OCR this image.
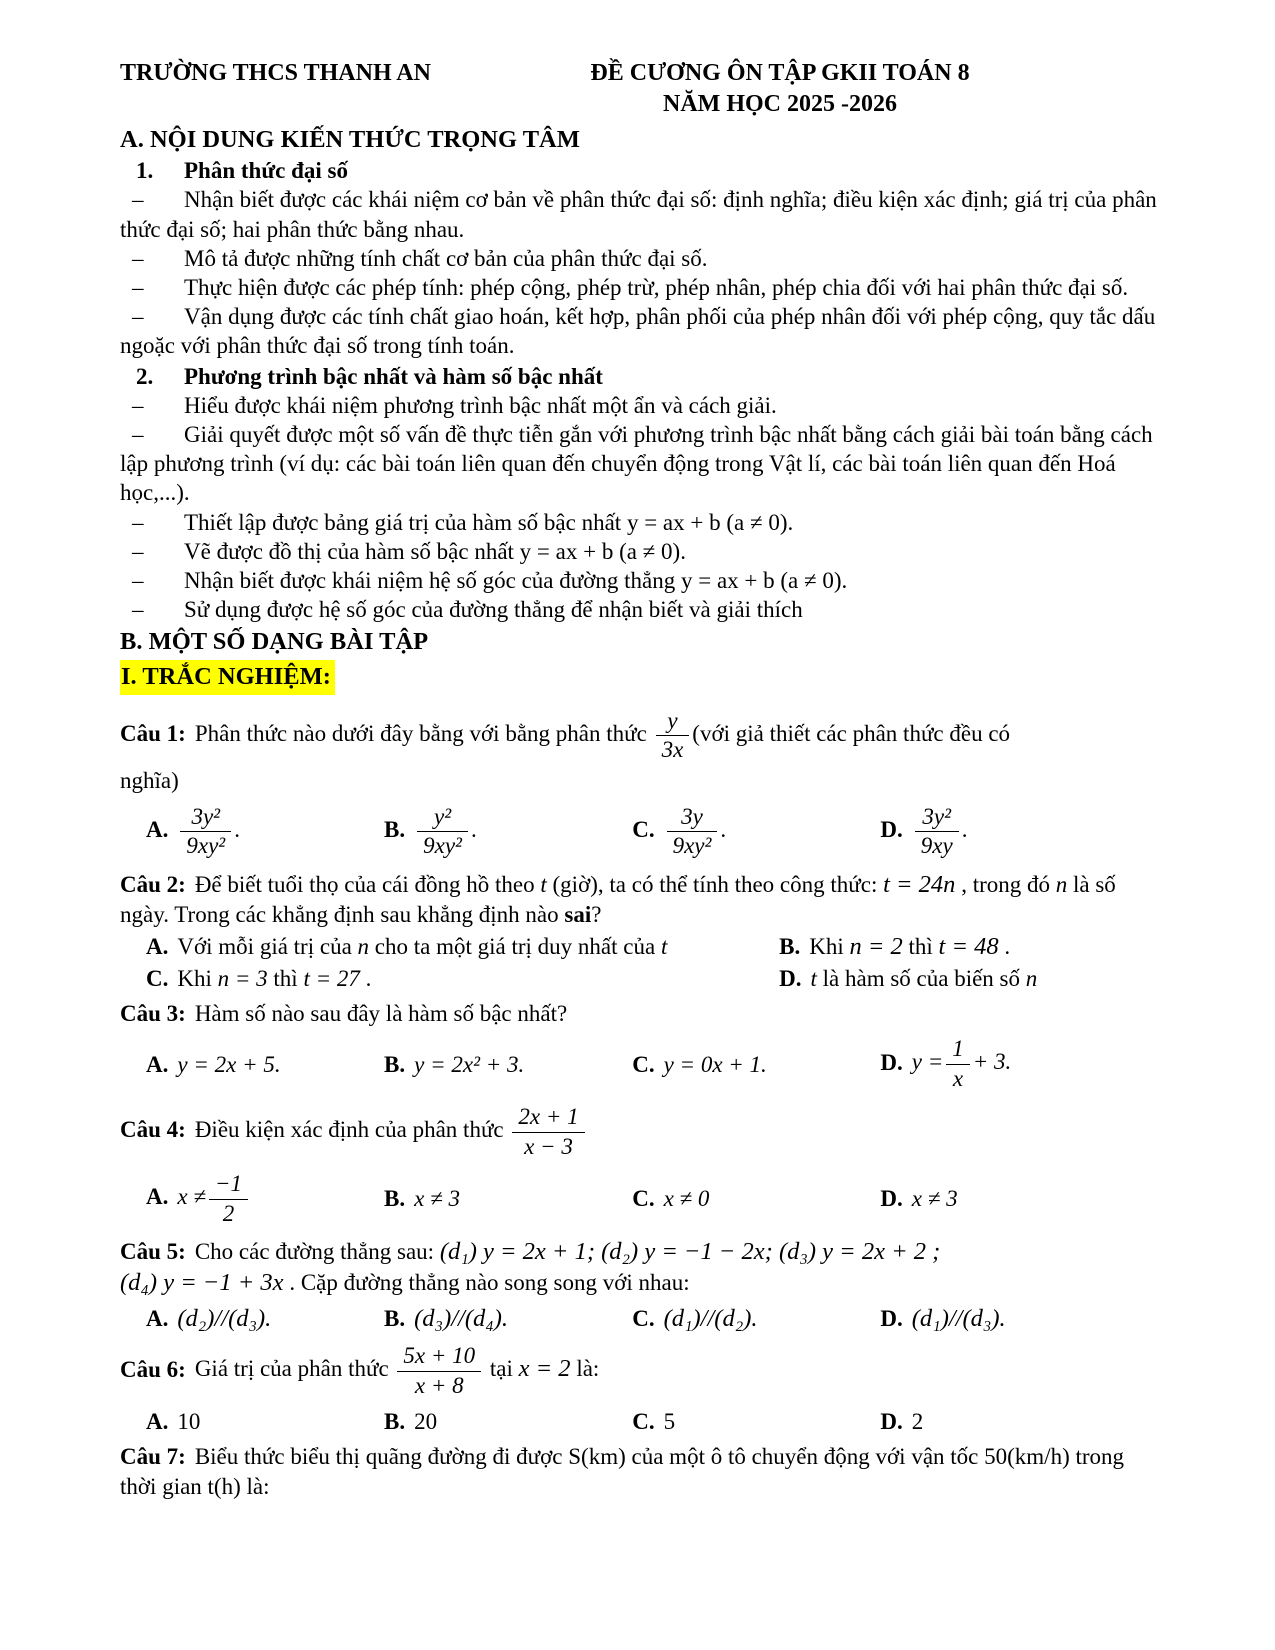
TRƯỜNG THCS THANH AN	ĐỀ CƯƠNG ÔN TẬP GKII TOÁN 8
NĂM HỌC 2025 -2026
A. NỘI DUNG KIẾN THỨC TRỌNG TÂM
1. Phân thức đại số

– Nhận biết được các khái niệm cơ bản về phân thức đại số: định nghĩa; điều kiện xác định; giá trị của phân thức đại số; hai phân thức bằng nhau.

– Mô tả được những tính chất cơ bản của phân thức đại số.

– Thực hiện được các phép tính: phép cộng, phép trừ, phép nhân, phép chia đối với hai phân thức đại số.

– Vận dụng được các tính chất giao hoán, kết hợp, phân phối của phép nhân đối với phép cộng, quy tắc dấu ngoặc với phân thức đại số trong tính toán.

2. Phương trình bậc nhất và hàm số bậc nhất

– Hiểu được khái niệm phương trình bậc nhất một ẩn và cách giải.

– Giải quyết được một số vấn đề thực tiễn gắn với phương trình bậc nhất bằng cách giải bài toán bằng cách lập phương trình (ví dụ: các bài toán liên quan đến chuyển động trong Vật lí, các bài toán liên quan đến Hoá học,...).

– Thiết lập được bảng giá trị của hàm số bậc nhất y = ax + b (a ≠ 0).

– Vẽ được đồ thị của hàm số bậc nhất y = ax + b (a ≠ 0).

– Nhận biết được khái niệm hệ số góc của đường thẳng y = ax + b (a ≠ 0).

– Sử dụng được hệ số góc của đường thẳng để nhận biết và giải thích

B. MỘT SỐ DẠNG BÀI TẬP
I. TRẮC NGHIỆM:

Câu 1: Phân thức nào dưới đây bằng với bằng phân thức $\frac{y}{3x}$ (với giả thiết các phân thức đều có

nghĩa)

A. $\frac{\text{3y²}}{\text{9xy²}}$ .	B. $\frac{\text{y²}}{\text{9xy²}}$ .	C. $\frac{3y}{\text{9xy²}}$ .	D. $\frac{\text{3y²}}{9xy}$ .

Câu 2: Để biết tuổi thọ của cái đồng hồ theo t (giờ), ta có thể tính theo công thức: t = 24n , trong đó n là số ngày. Trong các khẳng định sau khẳng định nào sai?

A. Với mỗi giá trị của n cho ta một giá trị duy nhất của t	B. Khi n = 2 thì t = 48 .
C. Khi n = 3 thì t = 27 .	D. t là hàm số của biến số n

Câu 3: Hàm số nào sau đây là hàm số bậc nhất?

A. y = 2x + 5.	B. y = 2x² + 3.	C. y = 0x + 1.	D. $y = \frac{1}{x} + 3$.

Câu 4: Điều kiện xác định của phân thức $\frac{2x + 1}{x - 3}$

A. $x \ne \frac{-1}{2}$	B. x ≠ 3	C. x ≠ 0	D. x ≠ 3

Câu 5: Cho các đường thẳng sau: (d₁) y = 2x + 1; (d₂) y = −1 − 2x; (d₃) y = 2x + 2 ;

(d₄) y = −1 + 3x . Cặp đường thẳng nào song song với nhau:

A. (d₂)//(d₃).	B. (d₃)//(d₄).	C. (d₁)//(d₂).	D. (d₁)//(d₃).

Câu 6: Giá trị của phân thức $\frac{5x + 10}{x + 8}$ tại x = 2 là:

A. 10	B. 20	C. 5	D. 2

Câu 7: Biểu thức biểu thị quãng đường đi được S(km) của một ô tô chuyển động với vận tốc 50(km/h) trong thời gian t(h) là:
